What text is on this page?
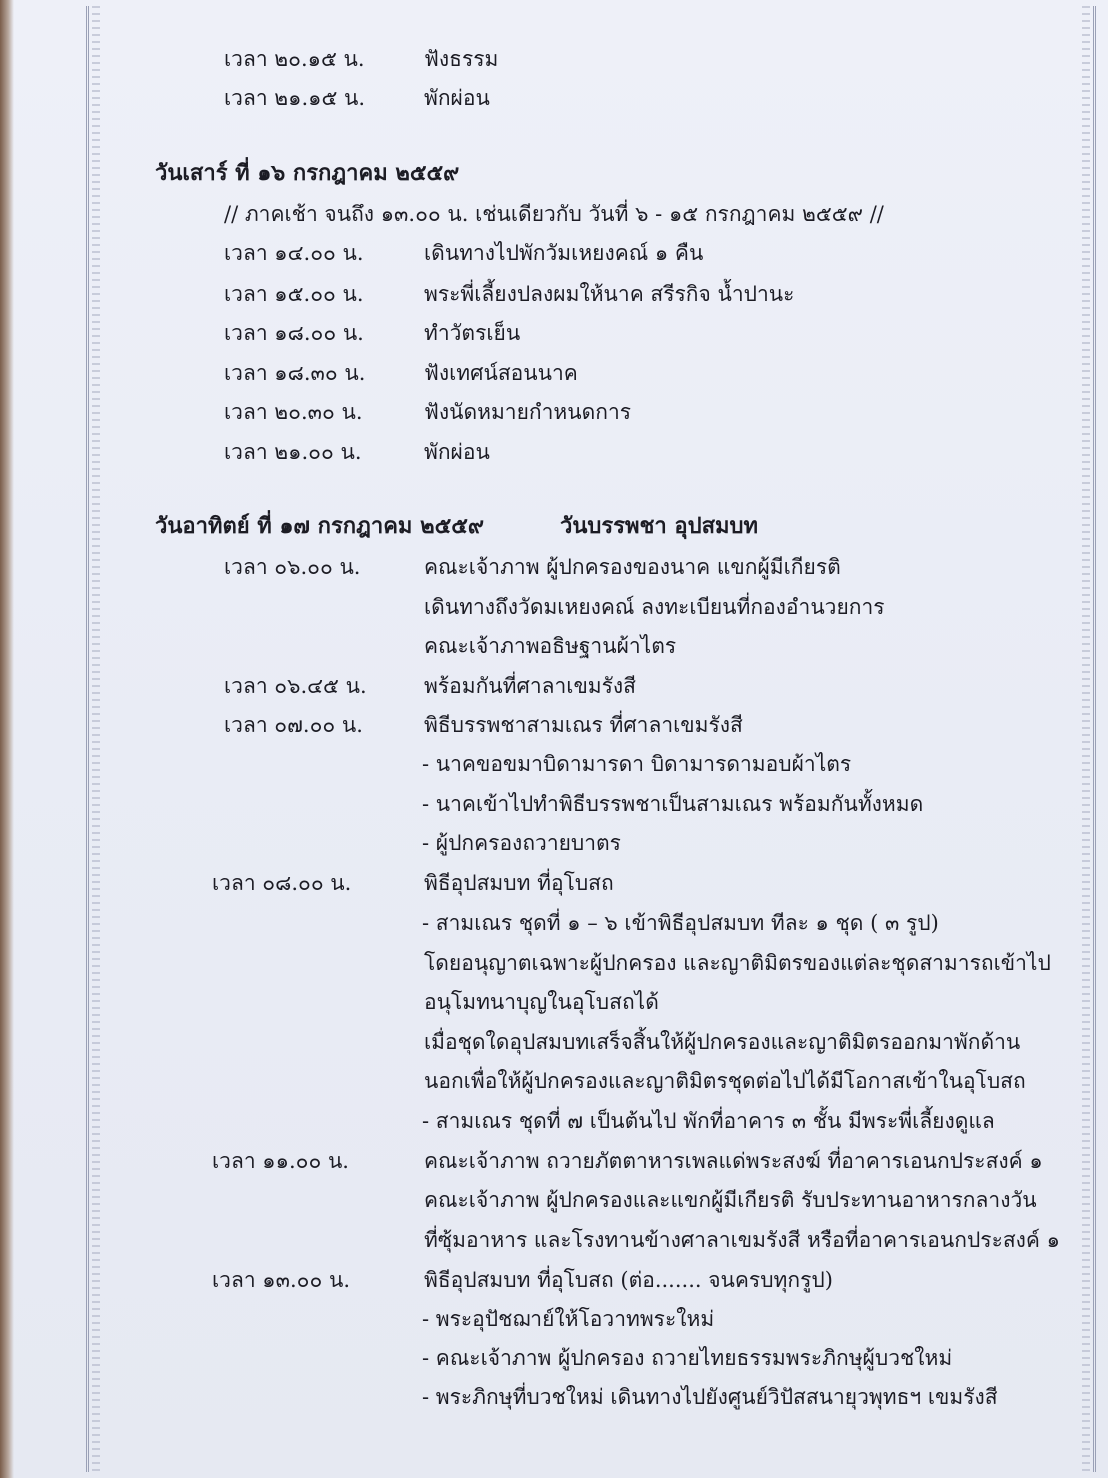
เวลา ๒๐.๑๕ น.	ฟังธรรม
เวลา ๒๑.๑๕ น.	พักผ่อน
วันเสาร์ ที่ ๑๖ กรกฎาคม ๒๕๕๙
// ภาคเช้า จนถึง ๑๓.๐๐ น. เช่นเดียวกับ วันที่ ๖ - ๑๕ กรกฎาคม ๒๕๕๙ //
เวลา ๑๔.๐๐ น.	เดินทางไปพักวัมเหยงคณ์ ๑ คืน
เวลา ๑๕.๐๐ น.	พระพี่เลี้ยงปลงผมให้นาค สรีรกิจ น้ำปานะ
เวลา ๑๘.๐๐ น.	ทำวัตรเย็น
เวลา ๑๘.๓๐ น.	ฟังเทศน์สอนนาค
เวลา ๒๐.๓๐ น.	ฟังนัดหมายกำหนดการ
เวลา ๒๑.๐๐ น.	พักผ่อน
วันอาทิตย์ ที่ ๑๗ กรกฎาคม ๒๕๕๙	วันบรรพชา อุปสมบท
เวลา ๐๖.๐๐ น.	คณะเจ้าภาพ ผู้ปกครองของนาค แขกผู้มีเกียรติ
เดินทางถึงวัดมเหยงคณ์ ลงทะเบียนที่กองอำนวยการ
คณะเจ้าภาพอธิษฐานผ้าไตร
เวลา ๐๖.๔๕ น.	พร้อมกันที่ศาลาเขมรังสี
เวลา ๐๗.๐๐ น.	พิธีบรรพชาสามเณร ที่ศาลาเขมรังสี
- นาคขอขมาบิดามารดา บิดามารดามอบผ้าไตร
- นาคเข้าไปทำพิธีบรรพชาเป็นสามเณร พร้อมกันทั้งหมด
- ผู้ปกครองถวายบาตร
เวลา ๐๘.๐๐ น.	พิธีอุปสมบท ที่อุโบสถ
- สามเณร ชุดที่ ๑ – ๖ เข้าพิธีอุปสมบท ทีละ ๑ ชุด ( ๓ รูป)
โดยอนุญาตเฉพาะผู้ปกครอง และญาติมิตรของแต่ละชุดสามารถเข้าไป
อนุโมทนาบุญในอุโบสถได้
เมื่อชุดใดอุปสมบทเสร็จสิ้นให้ผู้ปกครองและญาติมิตรออกมาพักด้าน
นอกเพื่อให้ผู้ปกครองและญาติมิตรชุดต่อไปได้มีโอกาสเข้าในอุโบสถ
- สามเณร ชุดที่ ๗ เป็นต้นไป พักที่อาคาร ๓ ชั้น มีพระพี่เลี้ยงดูแล
เวลา ๑๑.๐๐ น.	คณะเจ้าภาพ ถวายภัตตาหารเพลแด่พระสงฆ์ ที่อาคารเอนกประสงค์ ๑
คณะเจ้าภาพ ผู้ปกครองและแขกผู้มีเกียรติ รับประทานอาหารกลางวัน
ที่ซุ้มอาหาร และโรงทานข้างศาลาเขมรังสี หรือที่อาคารเอนกประสงค์ ๑
เวลา ๑๓.๐๐ น.	พิธีอุปสมบท ที่อุโบสถ (ต่อ....... จนครบทุกรูป)
- พระอุปัชฌาย์ให้โอวาทพระใหม่
- คณะเจ้าภาพ ผู้ปกครอง ถวายไทยธรรมพระภิกษุผู้บวชใหม่
- พระภิกษุที่บวชใหม่ เดินทางไปยังศูนย์วิปัสสนายุวพุทธฯ เขมรังสี
